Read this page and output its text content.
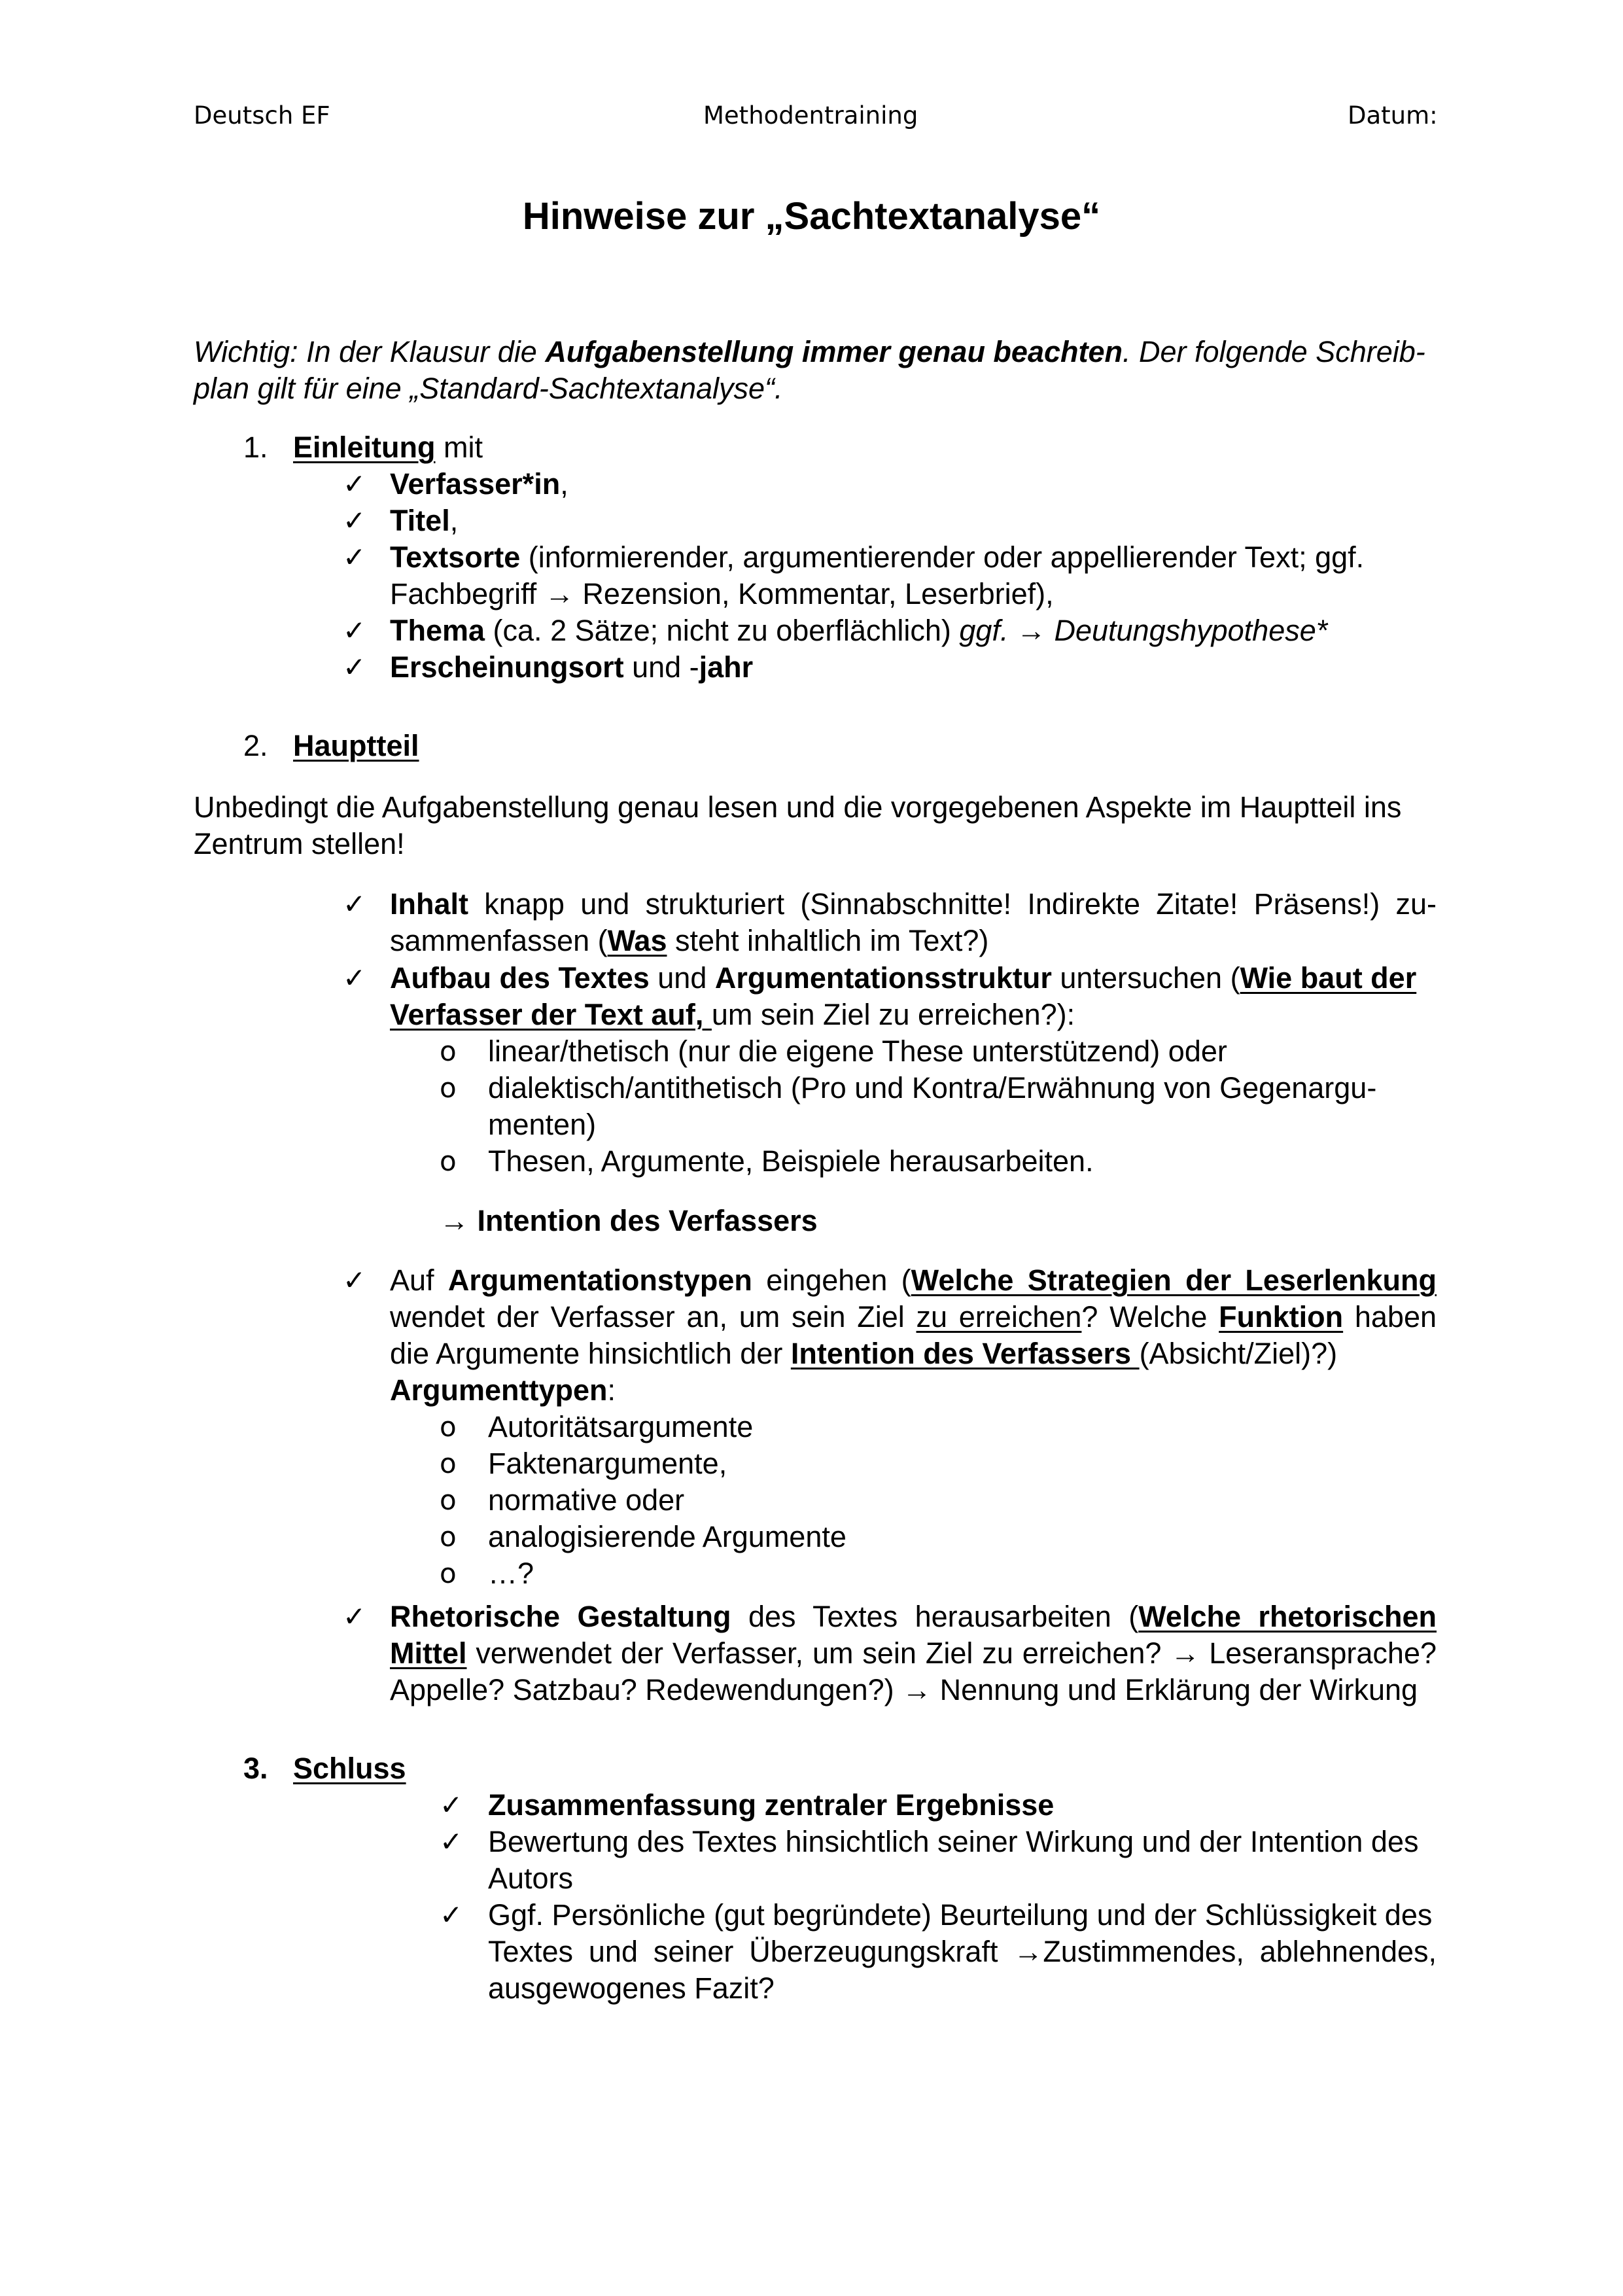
Deutsch EF	Methodentraining	Datum:
Hinweise zur „Sachtextanalyse“
Wichtig: In der Klausur die Aufgabenstellung immer genau beachten. Der folgende Schreib-
plan gilt für eine „Standard-Sachtextanalyse“.
1. Einleitung mit
✓ Verfasser*in,
✓ Titel,
✓ Textsorte (informierender, argumentierender oder appellierender Text; ggf.
Fachbegriff → Rezension, Kommentar, Leserbrief),
✓ Thema (ca. 2 Sätze; nicht zu oberflächlich) ggf. → Deutungshypothese*
✓ Erscheinungsort und -jahr
2. Hauptteil
Unbedingt die Aufgabenstellung genau lesen und die vorgegebenen Aspekte im Hauptteil ins
Zentrum stellen!
✓ Inhalt knapp und strukturiert (Sinnabschnitte! Indirekte Zitate! Präsens!) zu-
sammenfassen (Was steht inhaltlich im Text?)
✓ Aufbau des Textes und Argumentationsstruktur untersuchen (Wie baut der
Verfasser der Text auf, um sein Ziel zu erreichen?):
o linear/thetisch (nur die eigene These unterstützend) oder
o dialektisch/antithetisch (Pro und Kontra/Erwähnung von Gegenargu-
menten)
o Thesen, Argumente, Beispiele herausarbeiten.
→ Intention des Verfassers
✓ Auf Argumentationstypen eingehen (Welche Strategien der Leserlenkung
wendet der Verfasser an, um sein Ziel zu erreichen? Welche Funktion haben
die Argumente hinsichtlich der Intention des Verfassers (Absicht/Ziel)?)
Argumenttypen:
o Autoritätsargumente
o Faktenargumente,
o normative oder
o analogisierende Argumente
o …?
✓ Rhetorische Gestaltung des Textes herausarbeiten (Welche rhetorischen
Mittel verwendet der Verfasser, um sein Ziel zu erreichen? → Leseransprache?
Appelle? Satzbau? Redewendungen?) → Nennung und Erklärung der Wirkung
3. Schluss
✓ Zusammenfassung zentraler Ergebnisse
✓ Bewertung des Textes hinsichtlich seiner Wirkung und der Intention des
Autors
✓ Ggf. Persönliche (gut begründete) Beurteilung und der Schlüssigkeit des
Textes und seiner Überzeugungskraft →Zustimmendes, ablehnendes,
ausgewogenes Fazit?
